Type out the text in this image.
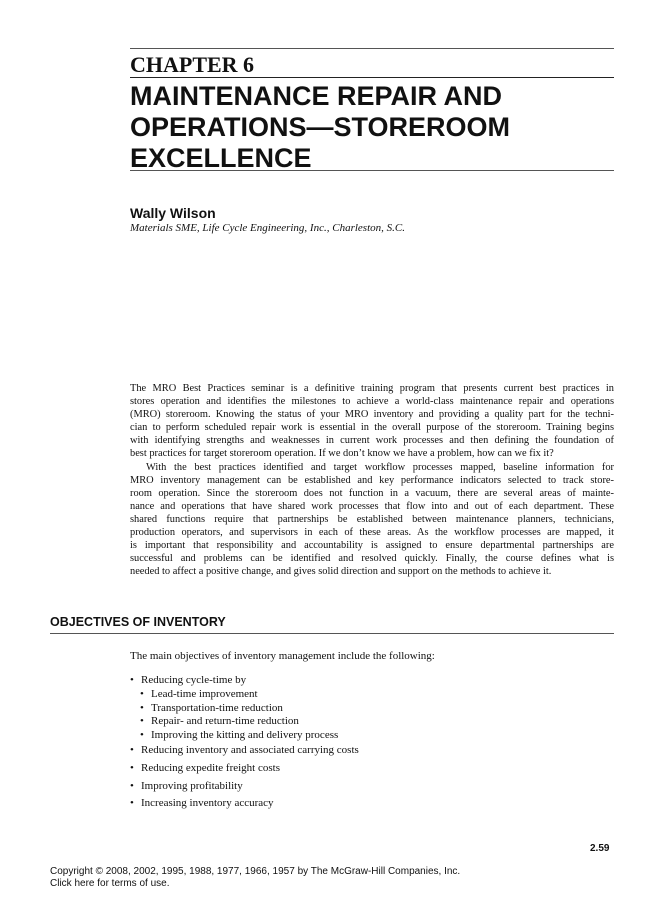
CHAPTER 6
MAINTENANCE REPAIR AND
OPERATIONS—STOREROOM
EXCELLENCE
Wally Wilson
Materials SME, Life Cycle Engineering, Inc., Charleston, S.C.
The MRO Best Practices seminar is a definitive training program that presents current best practices in
stores operation and identifies the milestones to achieve a world-class maintenance repair and operations
(MRO) storeroom. Knowing the status of your MRO inventory and providing a quality part for the techni-
cian to perform scheduled repair work is essential in the overall purpose of the storeroom. Training begins
with identifying strengths and weaknesses in current work processes and then defining the foundation of
best practices for target storeroom operation. If we don’t know we have a problem, how can we fix it?
With the best practices identified and target workflow processes mapped, baseline information for
MRO inventory management can be established and key performance indicators selected to track store-
room operation. Since the storeroom does not function in a vacuum, there are several areas of mainte-
nance and operations that have shared work processes that flow into and out of each department. These
shared functions require that partnerships be established between maintenance planners, technicians,
production operators, and supervisors in each of these areas. As the workflow processes are mapped, it
is important that responsibility and accountability is assigned to ensure departmental partnerships are
successful and problems can be identified and resolved quickly. Finally, the course defines what is
needed to affect a positive change, and gives solid direction and support on the methods to achieve it.
OBJECTIVES OF INVENTORY
The main objectives of inventory management include the following:
• Reducing cycle-time by
• Lead-time improvement
• Transportation-time reduction
• Repair- and return-time reduction
• Improving the kitting and delivery process
• Reducing inventory and associated carrying costs
• Reducing expedite freight costs
• Improving profitability
• Increasing inventory accuracy
2.59
Copyright © 2008, 2002, 1995, 1988, 1977, 1966, 1957 by The McGraw-Hill Companies, Inc.
Click here for terms of use.
